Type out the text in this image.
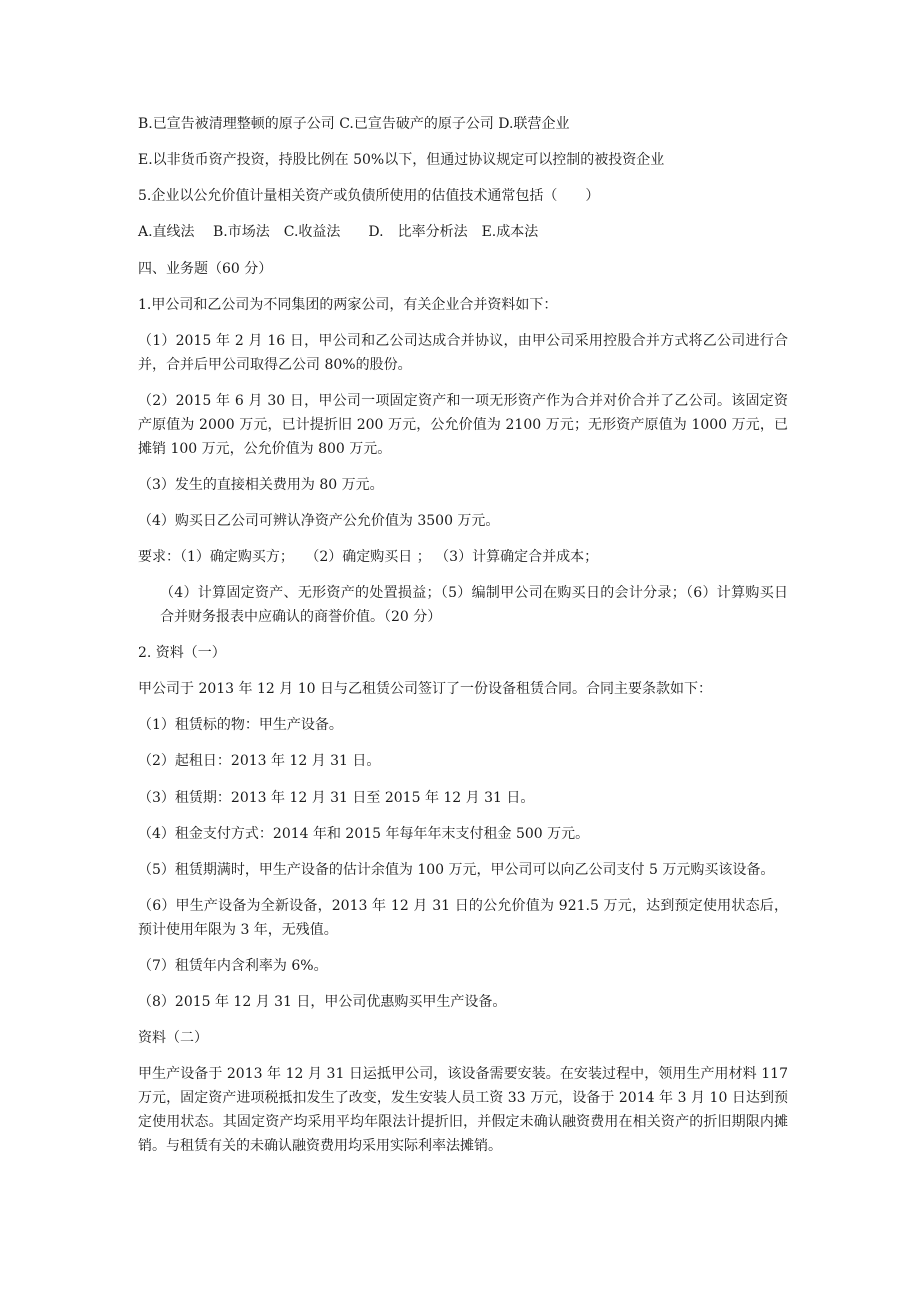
B.已宣告被清理整顿的原子公司 C.已宣告破产的原子公司 D.联营企业

E.以非货币资产投资，持股比例在 50%以下，但通过协议规定可以控制的被投资企业

5.企业以公允价值计量相关资产或负债所使用的估值技术通常包括（　　）

A.直线法　 B.市场法　C.收益法　　D.　比率分析法　E.成本法

四、业务题（60 分）

1.甲公司和乙公司为不同集团的两家公司，有关企业合并资料如下：

（1）2015 年 2 月 16 日，甲公司和乙公司达成合并协议，由甲公司采用控股合并方式将乙公司进行合并，合并后甲公司取得乙公司 80%的股份。

（2）2015 年 6 月 30 日，甲公司一项固定资产和一项无形资产作为合并对价合并了乙公司。该固定资产原值为 2000 万元，已计提折旧 200 万元，公允价值为 2100 万元；无形资产原值为 1000 万元，已摊销 100 万元，公允价值为 800 万元。

（3）发生的直接相关费用为 80 万元。

（4）购买日乙公司可辨认净资产公允价值为 3500 万元。

要求：（1）确定购买方；　 （2）确定购买日 ； （3）计算确定合并成本；

（4）计算固定资产、无形资产的处置损益；（5）编制甲公司在购买日的会计分录；（6）计算购买日合并财务报表中应确认的商誉价值。（20 分）

2. 资料（一）

甲公司于 2013 年 12 月 10 日与乙租赁公司签订了一份设备租赁合同。合同主要条款如下：

（1）租赁标的物：甲生产设备。

（2）起租日：2013 年 12 月 31 日。

（3）租赁期：2013 年 12 月 31 日至 2015 年 12 月 31 日。

（4）租金支付方式：2014 年和 2015 年每年年末支付租金 500 万元。

（5）租赁期满时，甲生产设备的估计余值为 100 万元，甲公司可以向乙公司支付 5 万元购买该设备。

（6）甲生产设备为全新设备，2013 年 12 月 31 日的公允价值为 921.5 万元，达到预定使用状态后，预计使用年限为 3 年，无残值。

（7）租赁年内含利率为 6%。

（8）2015 年 12 月 31 日，甲公司优惠购买甲生产设备。

资料（二）

甲生产设备于 2013 年 12 月 31 日运抵甲公司，该设备需要安装。在安装过程中，领用生产用材料 117 万元，固定资产进项税抵扣发生了改变，发生安装人员工资 33 万元，设备于 2014 年 3 月 10 日达到预定使用状态。其固定资产均采用平均年限法计提折旧，并假定未确认融资费用在相关资产的折旧期限内摊销。与租赁有关的未确认融资费用均采用实际利率法摊销。
